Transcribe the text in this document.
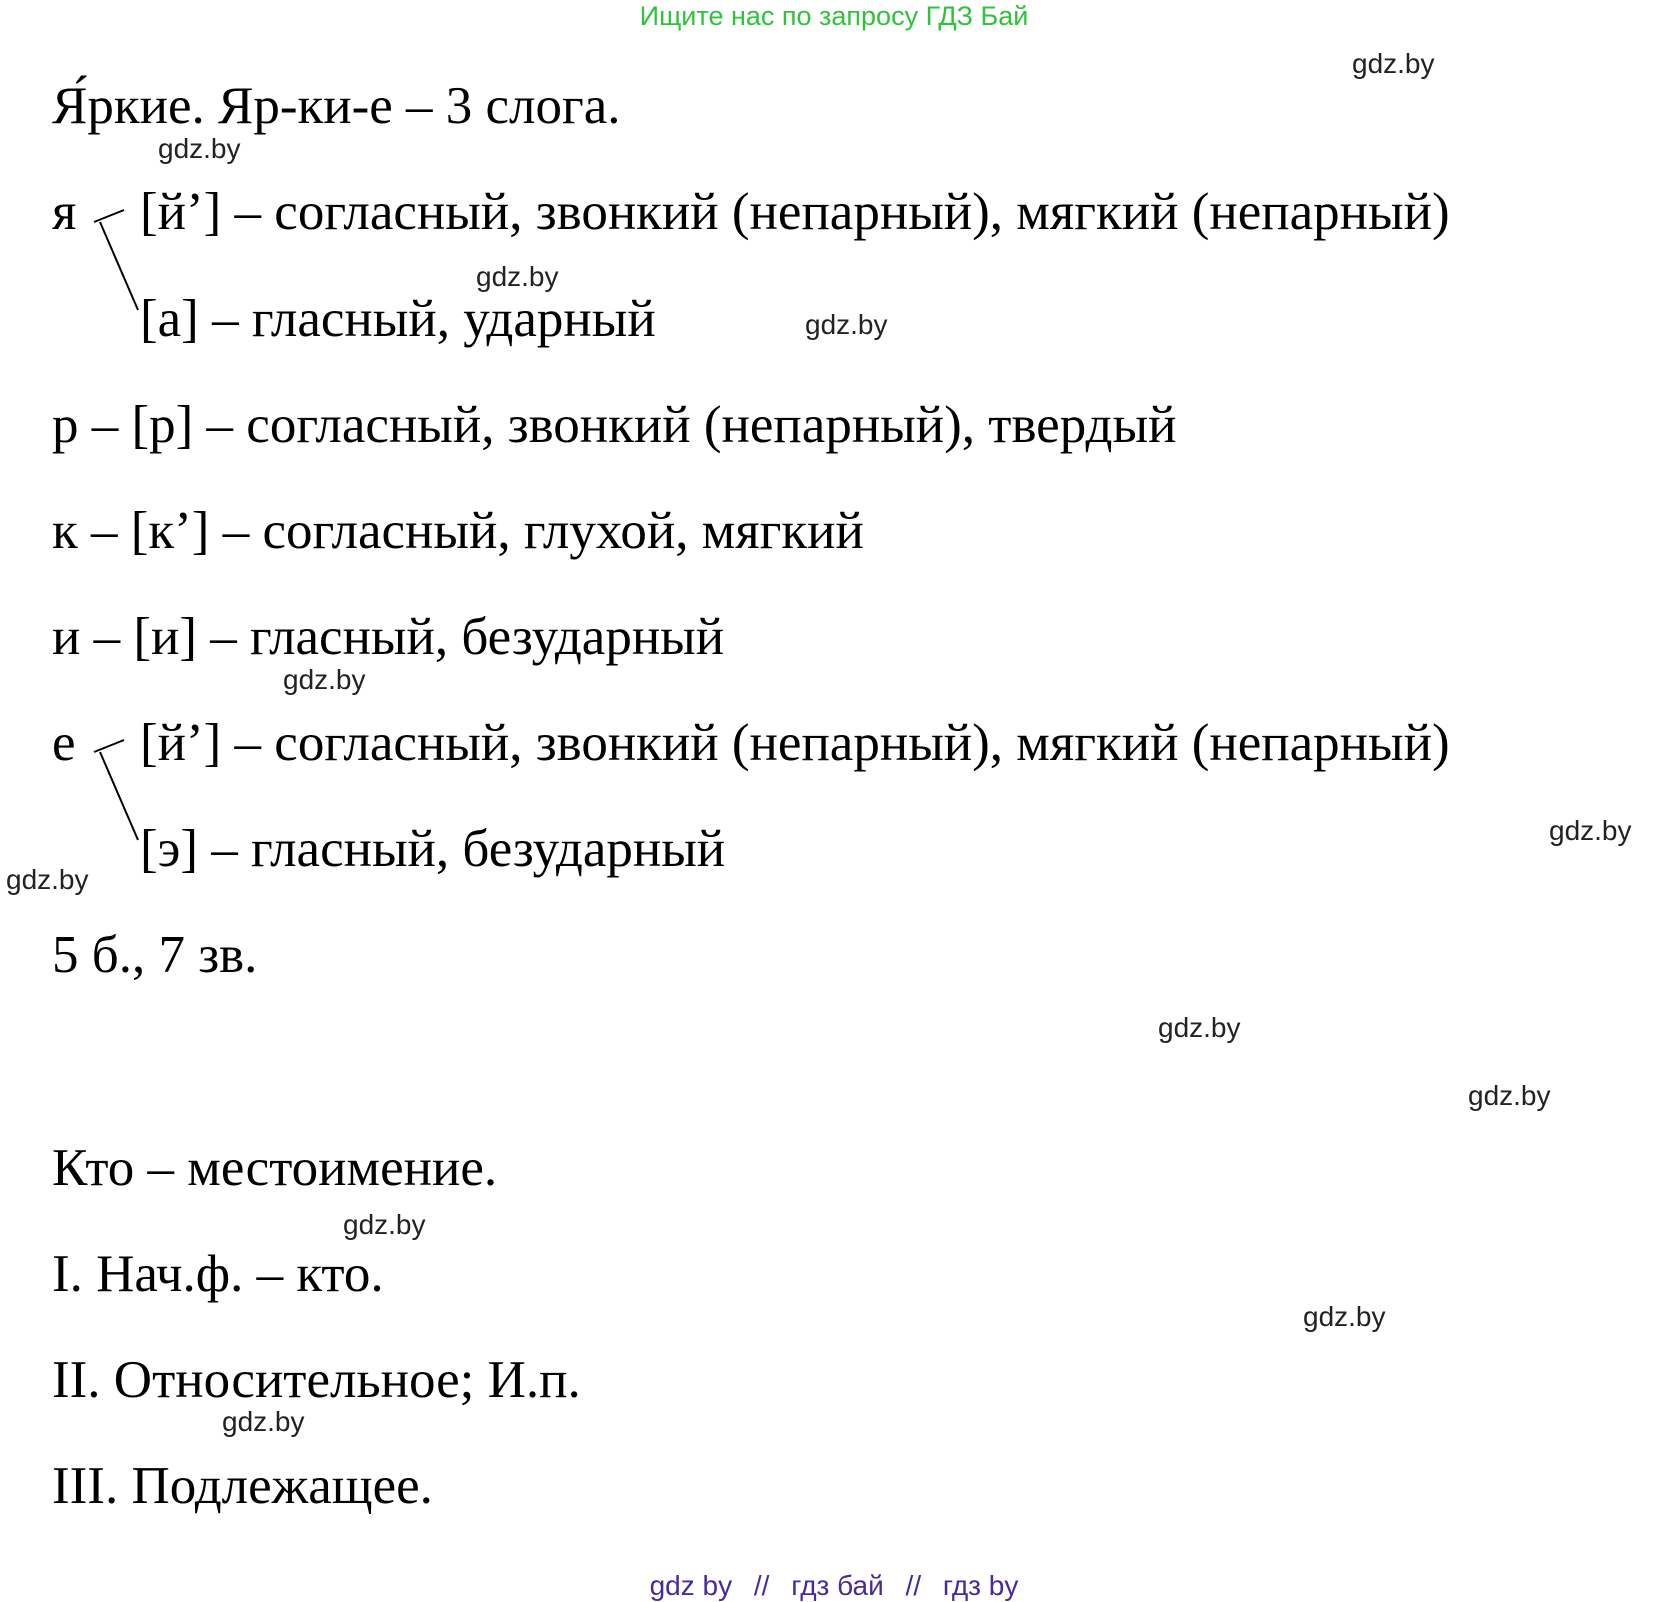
Ищите нас по запросу ГДЗ Бай
Я́ркие. Яр-ки-е – 3 слога.
я [й’] – согласный, звонкий (непарный), мягкий (непарный)
[а] – гласный, ударный
р – [р] – согласный, звонкий (непарный), твердый
к – [к’] – согласный, глухой, мягкий
и – [и] – гласный, безударный
е [й’] – согласный, звонкий (непарный), мягкий (непарный)
[э] – гласный, безударный
5 б., 7 зв.
Кто – местоимение.
I. Нач.ф. – кто.
II. Относительное; И.п.
III. Подлежащее.
gdz.by
gdz.by
gdz.by
gdz.by
gdz.by
gdz.by
gdz.by
gdz.by
gdz.by
gdz.by
gdz.by
gdz.by
gdz by // гдз бай // гдз by
